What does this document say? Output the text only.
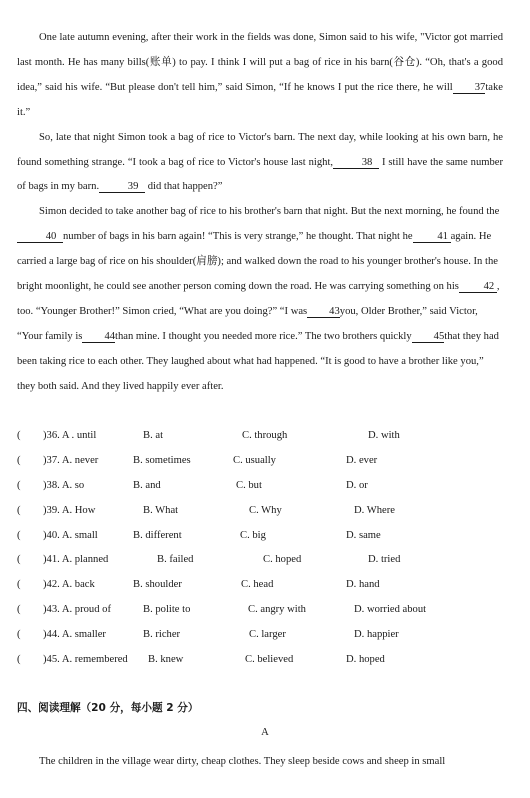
One late autumn evening, after their work in the fields was done, Simon said to his wife, "Victor got married last month. He has many bills(账单) to pay. I think I will put a bag of rice in his barn(谷仓). “Oh, that's a good idea,” said his wife. “But please don't tell him,” said Simon, “If he knows I put the rice there, he will 37take it.”

So, late that night Simon took a bag of rice to Victor's barn. The next day, while looking at his own barn, he found something strange. “I took a bag of rice to Victor's house last night,	38 I still have the same number of bags in my barn.	39 did that happen?”

Simon decided to take another bag of rice to his brother's barn that night. But the next morning, he found the40 number of bags in his barn again! “This is very strange,” he thought. That night he 41 again. He carried a large bag of rice on his shoulder(肩膀); and walked down the road to his younger brother's house. In the bright moonlight, he could see another person coming down the road. He was carrying something on his 42 , too. “Younger Brother!” Simon cried, “What are you doing?” “I was 43you, Older Brother,” said Victor, “Your family is 44than mine. I thought you needed more rice.” The two brothers quickly 45that they had been taking rice to each other. They laughed about what had happened. “It is good to have a brother like you,” they both said. And they lived happily ever after.

( )36. A . until	B. at	C. through	D. with
( )37. A. never	B. sometimes	C. usually	D. ever
( )38. A. so	B. and	C. but	D. or
( )39. A. How	B. What	C. Why	D. Where
( )40. A. small	B. different	C. big	D. same
( )41. A. planned	B. failed	C. hoped	D. tried
( )42. A. back	B. shoulder	C. head	D. hand
( )43. A. proud of	B. polite to	C. angry with	D. worried about
( )44. A. smaller	B. richer	C. larger	D. happier
( )45. A. remembered B. knew	C. believed	D. hoped
四、阅读理解（20 分，每小题 2 分）
A
The children in the village wear dirty, cheap clothes. They sleep beside cows and sheep in small
